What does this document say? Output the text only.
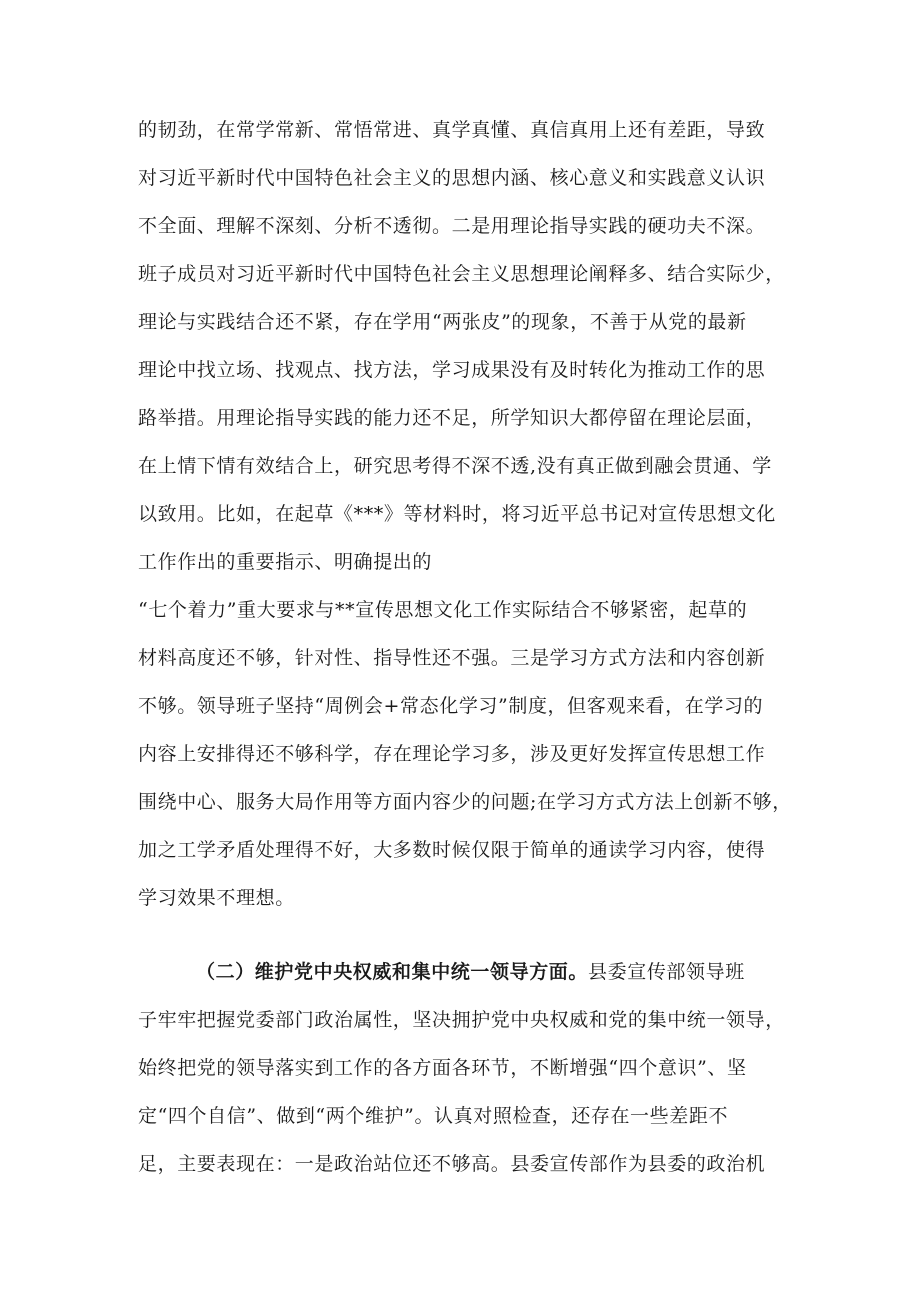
的韧劲，在常学常新、常悟常进、真学真懂、真信真用上还有差距，导致
对习近平新时代中国特色社会主义的思想内涵、核心意义和实践意义认识
不全面、理解不深刻、分析不透彻。二是用理论指导实践的硬功夫不深。
班子成员对习近平新时代中国特色社会主义思想理论阐释多、结合实际少，
理论与实践结合还不紧，存在学用“两张皮”的现象，不善于从党的最新
理论中找立场、找观点、找方法，学习成果没有及时转化为推动工作的思
路举措。用理论指导实践的能力还不足，所学知识大都停留在理论层面，
在上情下情有效结合上，研究思考得不深不透,没有真正做到融会贯通、学
以致用。比如，在起草《***》等材料时，将习近平总书记对宣传思想文化
工作作出的重要指示、明确提出的
“七个着力”重大要求与**宣传思想文化工作实际结合不够紧密，起草的
材料高度还不够，针对性、指导性还不强。三是学习方式方法和内容创新
不够。领导班子坚持“周例会+常态化学习”制度，但客观来看，在学习的
内容上安排得还不够科学，存在理论学习多，涉及更好发挥宣传思想工作
围绕中心、服务大局作用等方面内容少的问题;在学习方式方法上创新不够，
加之工学矛盾处理得不好，大多数时候仅限于简单的通读学习内容，使得
学习效果不理想。
（二）维护党中央权威和集中统一领导方面。县委宣传部领导班
子牢牢把握党委部门政治属性，坚决拥护党中央权威和党的集中统一领导，
始终把党的领导落实到工作的各方面各环节，不断增强“四个意识”、坚
定“四个自信”、做到“两个维护”。认真对照检查，还存在一些差距不
足，主要表现在：一是政治站位还不够高。县委宣传部作为县委的政治机
